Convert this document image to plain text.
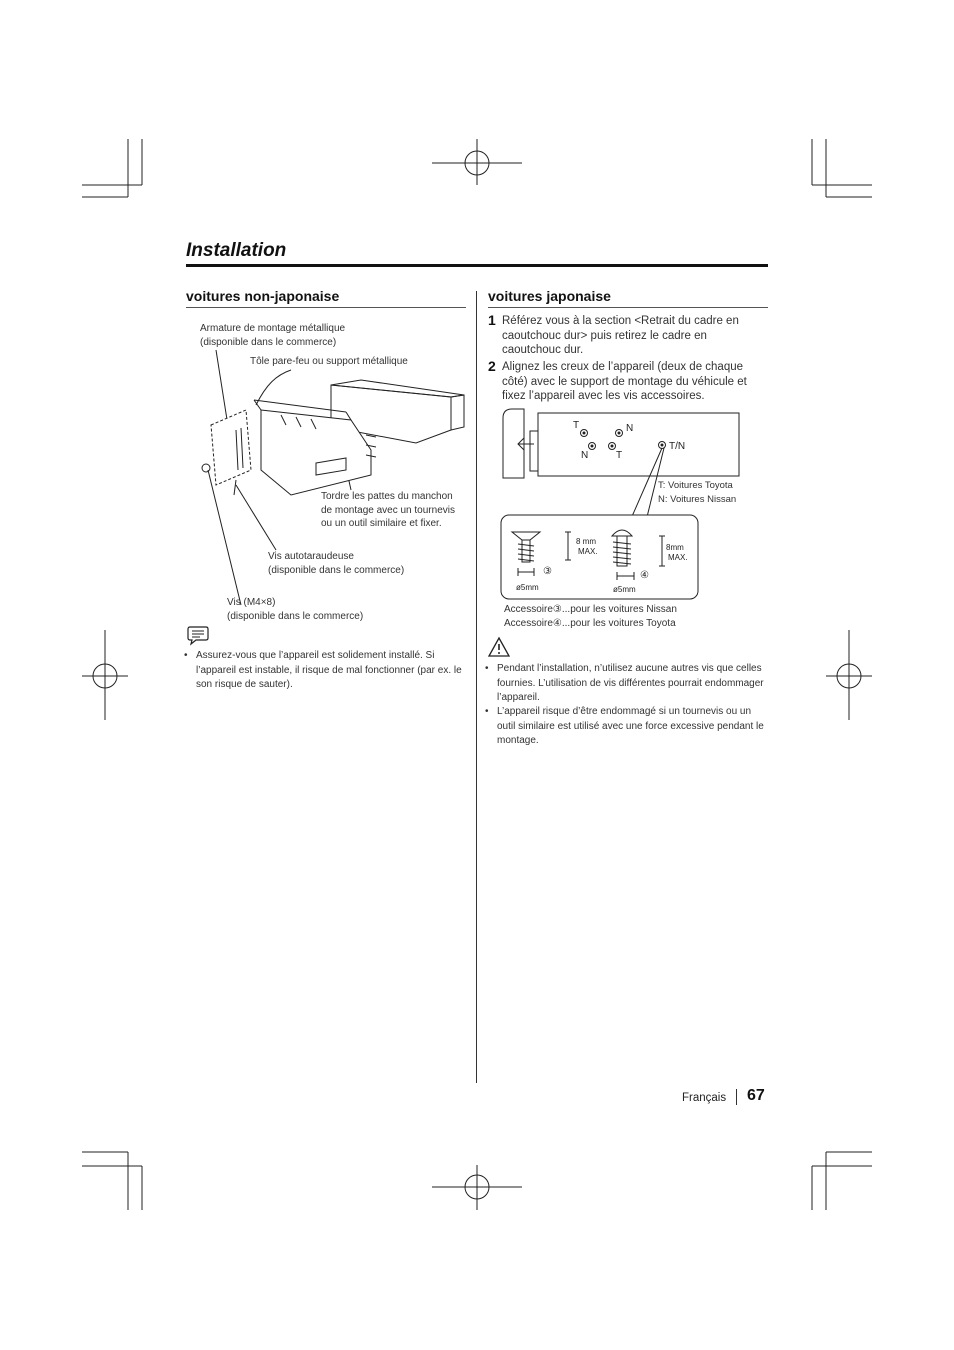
Installation
voitures non-japonaise
Armature de montage métallique
(disponible dans le commerce)
Tôle pare-feu ou support métallique
Tordre les pattes du manchon
de montage avec un tournevis
ou un outil similaire et fixer.
Vis autotaraudeuse
(disponible dans le commerce)
Vis (M4×8)
(disponible dans le commerce)
• Assurez-vous que l’appareil est solidement installé. Si l’appareil est instable, il risque de mal fonctionner (par ex. le son risque de sauter).
voitures japonaise
1 Référez vous à la section <Retrait du cadre en caoutchouc dur> puis retirez le cadre en caoutchouc dur.
2 Alignez les creux de l’appareil (deux de chaque côté) avec le support de montage du véhicule et fixez l’appareil avec les vis accessoires.
T	N
N	T
T/N
T: Voitures Toyota
N: Voitures Nissan
8 mm
MAX.
③
ø5mm
8mm
MAX.
④
ø5mm
Accessoire③...pour les voitures Nissan
Accessoire④...pour les voitures Toyota
• Pendant l’installation, n’utilisez aucune autres vis que celles fournies. L’utilisation de vis différentes pourrait endommager l’appareil.
• L’appareil risque d’être endommagé si un tournevis ou un outil similaire est utilisé avec une force excessive pendant le montage.
Français 67
